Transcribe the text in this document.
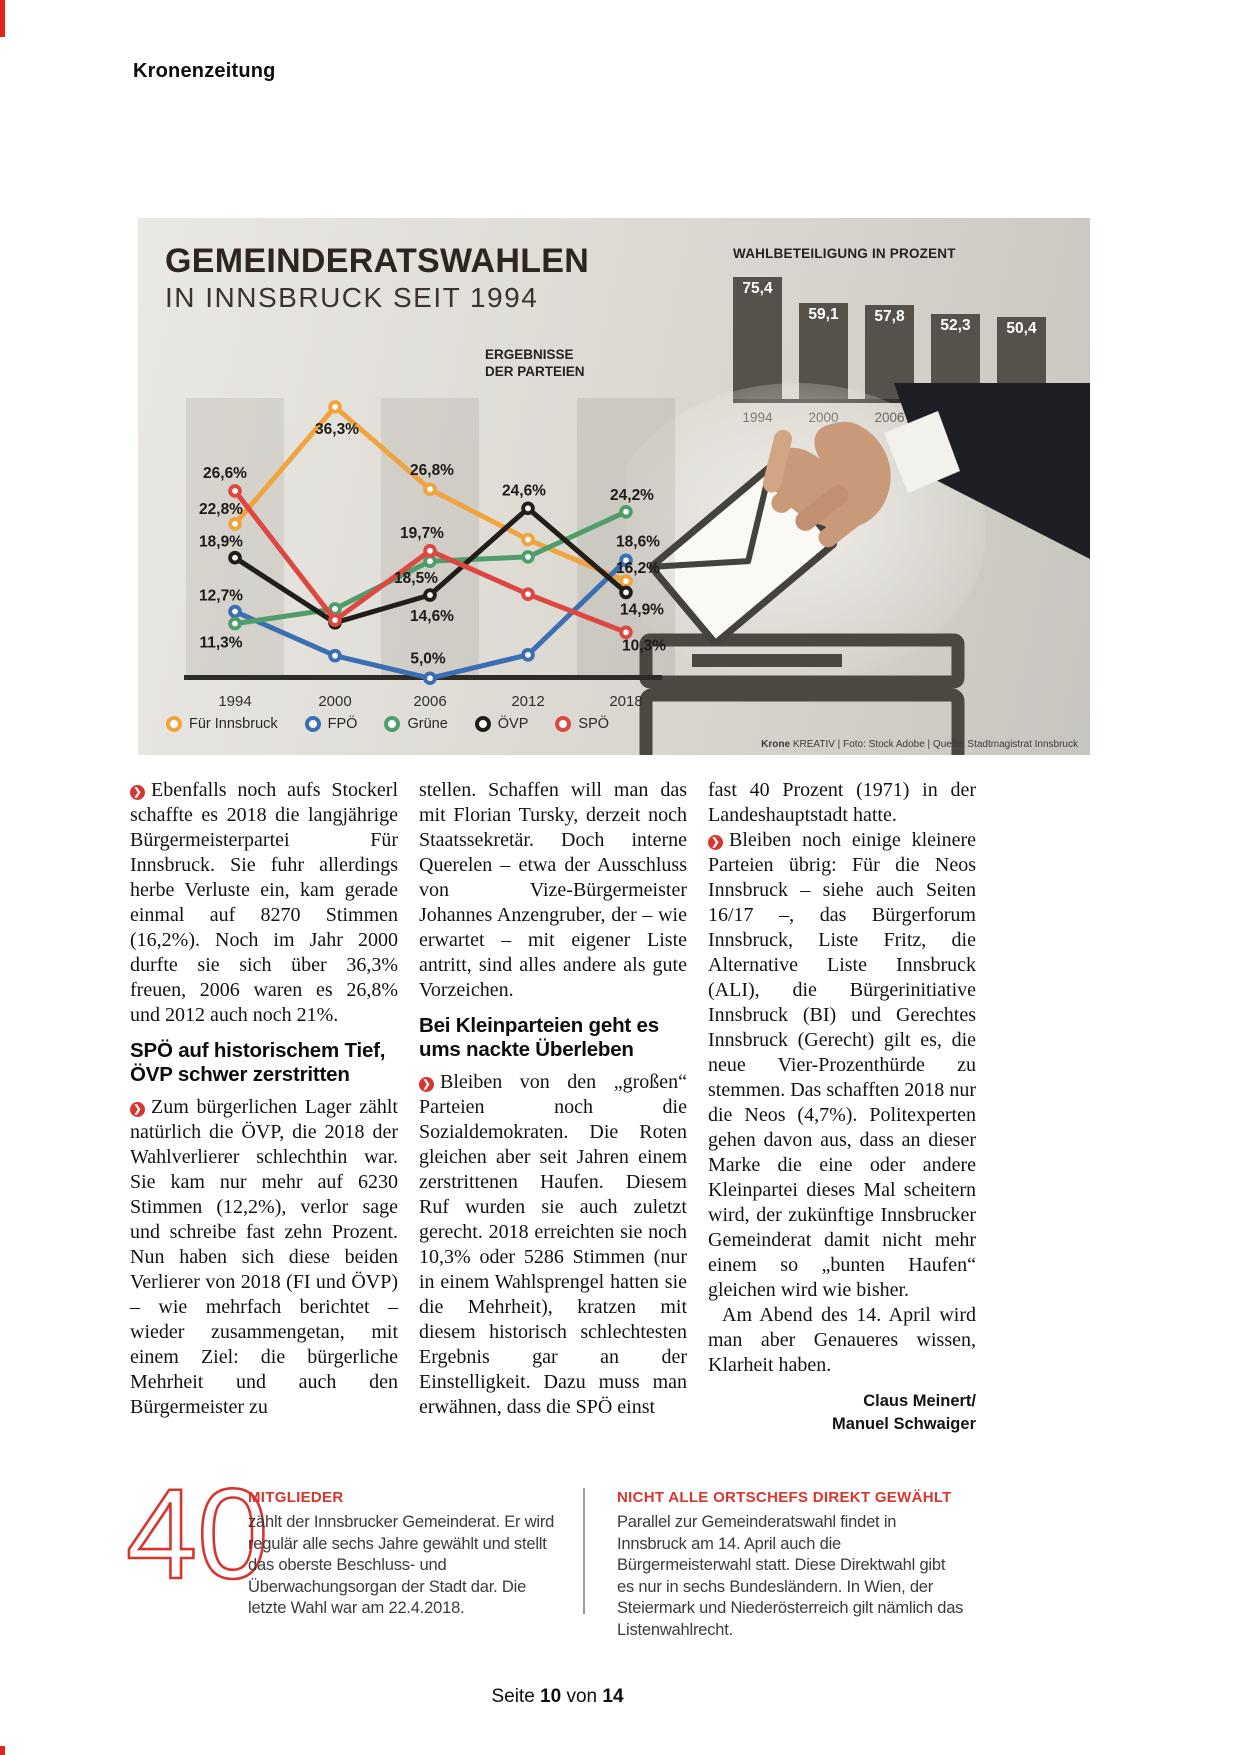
Kronenzeitung
GEMEINDERATSWAHLEN
IN INNSBRUCK SEIT 1994
WAHLBETEILIGUNG IN PROZENT
75,4
59,1	57,8
52,3	50,4
ERGEBNISSE DER PARTEIEN
1994	2000	2006	2012	2018
22,8%
36,3%
26,8%
16,2%
12,7%
5,0%
18,6%
11,3%
18,5%
24,2%
18,9%
14,6%
24,6%
14,9%
26,6%
19,7%
10,3%
Für Innsbruck	FPÖ	Grüne	ÖVP	SPÖ
Krone KREATIV | Foto: Stock Adobe | Quelle: Stadtmagistrat Innsbruck

❯ Ebenfalls noch aufs Stockerl schaffte es 2018 die langjährige Bürgermeisterpartei Für Innsbruck. Sie fuhr allerdings herbe Verluste ein, kam gerade einmal auf 8270 Stimmen (16,2%). Noch im Jahr 2000 durfte sie sich über 36,3% freuen, 2006 waren es 26,8% und 2012 auch noch 21%.

SPÖ auf historischem Tief, ÖVP schwer zerstritten

❯ Zum bürgerlichen Lager zählt natürlich die ÖVP, die 2018 der Wahlverlierer schlechthin war. Sie kam nur mehr auf 6230 Stimmen (12,2%), verlor sage und schreibe fast zehn Prozent. Nun haben sich diese beiden Verlierer von 2018 (FI und ÖVP) – wie mehrfach berichtet – wieder zusammengetan, mit einem Ziel: die bürgerliche Mehrheit und auch den Bürgermeister zu

stellen. Schaffen will man das mit Florian Tursky, derzeit noch Staatssekretär. Doch interne Querelen – etwa der Ausschluss von Vize-Bürgermeister Johannes Anzengruber, der – wie erwartet – mit eigener Liste antritt, sind alles andere als gute Vorzeichen.

Bei Kleinparteien geht es ums nackte Überleben

❯ Bleiben von den „großen“ Parteien noch die Sozialdemokraten. Die Roten gleichen aber seit Jahren einem zerstrittenen Haufen. Diesem Ruf wurden sie auch zuletzt gerecht. 2018 erreichten sie noch 10,3% oder 5286 Stimmen (nur in einem Wahlsprengel hatten sie die Mehrheit), kratzen mit diesem historisch schlechtesten Ergebnis gar an der Einstelligkeit. Dazu muss man erwähnen, dass die SPÖ einst

fast 40 Prozent (1971) in der Landeshauptstadt hatte.

❯ Bleiben noch einige kleinere Parteien übrig: Für die Neos Innsbruck – siehe auch Seiten 16/17 –, das Bürgerforum Innsbruck, Liste Fritz, die Alternative Liste Innsbruck (ALI), die Bürgerinitiative Innsbruck (BI) und Gerechtes Innsbruck (Gerecht) gilt es, die neue Vier-Prozenthürde zu stemmen. Das schafften 2018 nur die Neos (4,7%). Politexperten gehen davon aus, dass an dieser Marke die eine oder andere Kleinpartei dieses Mal scheitern wird, der zukünftige Innsbrucker Gemeinderat damit nicht mehr einem so „bunten Haufen“ gleichen wird wie bisher.

Am Abend des 14. April wird man aber Genaueres wissen, Klarheit haben.

Claus Meinert/
Manuel Schwaiger

40
MITGLIEDER
zählt der Innsbrucker Gemeinderat. Er wird regulär alle sechs Jahre gewählt und stellt das oberste Beschluss- und Überwachungsorgan der Stadt dar. Die letzte Wahl war am 22.4.2018.
NICHT ALLE ORTSCHEFS DIREKT GEWÄHLT
Parallel zur Gemeinderatswahl findet in Innsbruck am 14. April auch die Bürgermeisterwahl statt. Diese Direktwahl gibt es nur in sechs Bundesländern. In Wien, der Steiermark und Niederösterreich gilt nämlich das Listenwahlrecht.
Seite 10 von 14
